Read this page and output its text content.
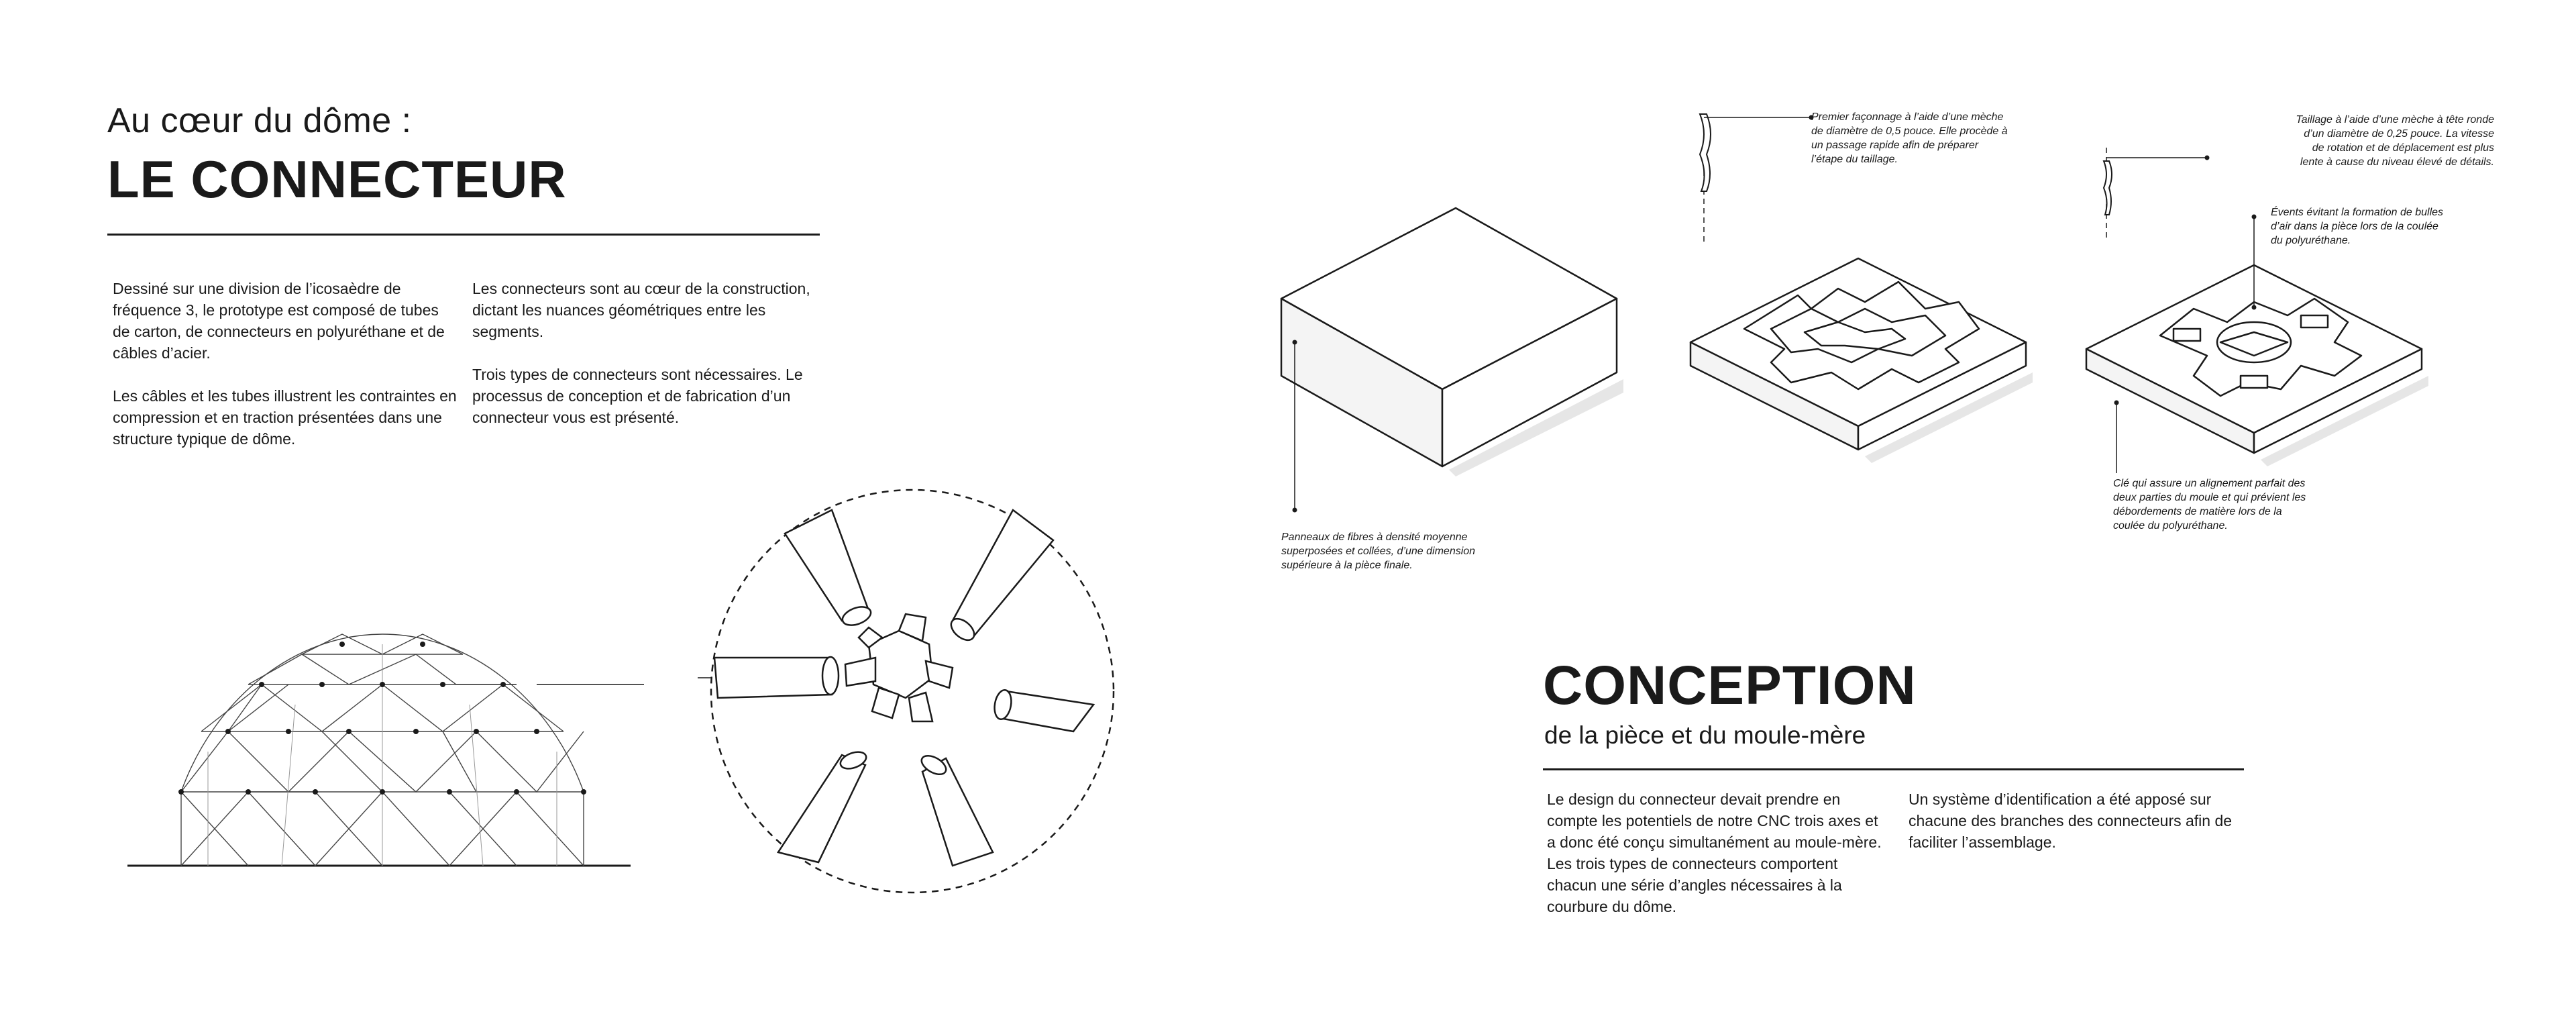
Au cœur du dôme :
LE CONNECTEUR
Dessiné sur une division de l’icosaèdre de
fréquence 3, le prototype est composé de tubes
de carton, de connecteurs en polyuréthane et de
câbles d’acier.

Les câbles et les tubes illustrent les contraintes en
compression et en traction présentées dans une
structure typique de dôme.
Les connecteurs sont au cœur de la construction,
dictant les nuances géométriques entre les
segments.

Trois types de connecteurs sont nécessaires. Le
processus de conception et de fabrication d’un
connecteur vous est présenté.
Panneaux de fibres à densité moyenne
superposées et collées, d’une dimension
supérieure à la pièce finale.
Premier façonnage à l’aide d’une mèche
de diamètre de 0,5 pouce. Elle procède à
un passage rapide afin de préparer
l’étape du taillage.
Taillage à l’aide d’une mèche à tête ronde
d’un diamètre de 0,25 pouce. La vitesse
de rotation et de déplacement est plus
lente à cause du niveau élevé de détails.
Évents évitant la formation de bulles
d’air dans la pièce lors de la coulée
du polyuréthane.
Clé qui assure un alignement parfait des
deux parties du moule et qui prévient les
débordements de matière lors de la
coulée du polyuréthane.
CONCEPTION
de la pièce et du moule-mère
Le design du connecteur devait prendre en
compte les potentiels de notre CNC trois axes et
a donc été conçu simultanément au moule-mère.
Les trois types de connecteurs comportent
chacun une série d’angles nécessaires à la
courbure du dôme.
Un système d’identification a été apposé sur
chacune des branches des connecteurs afin de
faciliter l’assemblage.
